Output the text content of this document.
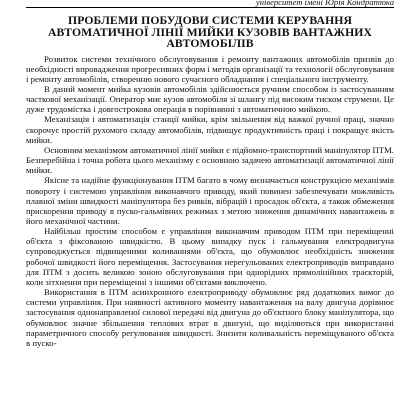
університет імені Юрія Кондратюка
ПРОБЛЕМИ ПОБУДОВИ СИСТЕМИ КЕРУВАННЯ АВТОМАТИЧНОЇ ЛІНІЇ МИЙКИ КУЗОВІВ ВАНТАЖНИХ АВТОМОБІЛІВ

Розвиток системи технічного обслуговування і ремонту вантажних автомобілів призвів до необхідності впровадження прогресивних форм і методів організації та технології обслуговування і ремонту автомобілів, створенню нового сучасного обладнання і спеціального інструменту.

В даний момент мийка кузовів автомобілів здійснюється ручним способом із застосуванням часткової механізації. Оператор миє кузов автомобіля зі шлангу під високим тиском струмени. Це дуже трудомістка і довгострокова операція в порівнянні з автоматичною мийкою.

Механізація і автоматизація станції мийки, крім звільнення від важкої ручної праці, значно скорочує простій рухомого складу автомобілів, підвищує продуктивність праці і покращує якість мийки.

Основним механізмом автоматичної лінії мийки є підйомно-транспортний маніпулятор ПТМ. Безперебійна і точна робота цього механізму є основною задачею автоматизації автоматичної лінії мийки.

Якісне та надійне функціонування ПТМ багато в чому визначається конструкцією механізмів повороту і системою управління виконавчого приводу, який повинен забезпечувати можливість плавної зміни швидкості маніпулятора без ривків, вібрацій і просадок об'єкта, а також обмеження прискорення приводу в пуско-гальмівних режимах з метою зниження динамічних навантажень в його механічної частини.

Найбільш простим способом є управління виконавчим приводом ПТМ при переміщенні об'єкта з фіксованою швидкістю. В цьому випадку пуск і гальмування електродвигуна супроводжується підвищеними коливаннями об'єкта, що обумовлює необхідність зниження робочої швидкості його переміщення. Застосування нерегульованих електроприводів виправдано для ПТМ з досить великою зоною обслуговування при однорідних прямолінійних траєкторій, коли зітхнення при переміщенні з іншими об'єктами виключено.

Використання в ПТМ асинхронного електроприводу обумовлює ряд додаткових вимог до системи управління. При наявності активного моменту навантаження на валу двигуна дорівнює застосування однонаправленої силової передачі від двигуна до об'єктного блоку маніпулятора, що обумовлює значне збільшення теплових втрат в двигуні, що виділяються при використанні параметричного способу регулювання швидкості. Знизити коливальність переміщуваного об'єкта в пуско-
